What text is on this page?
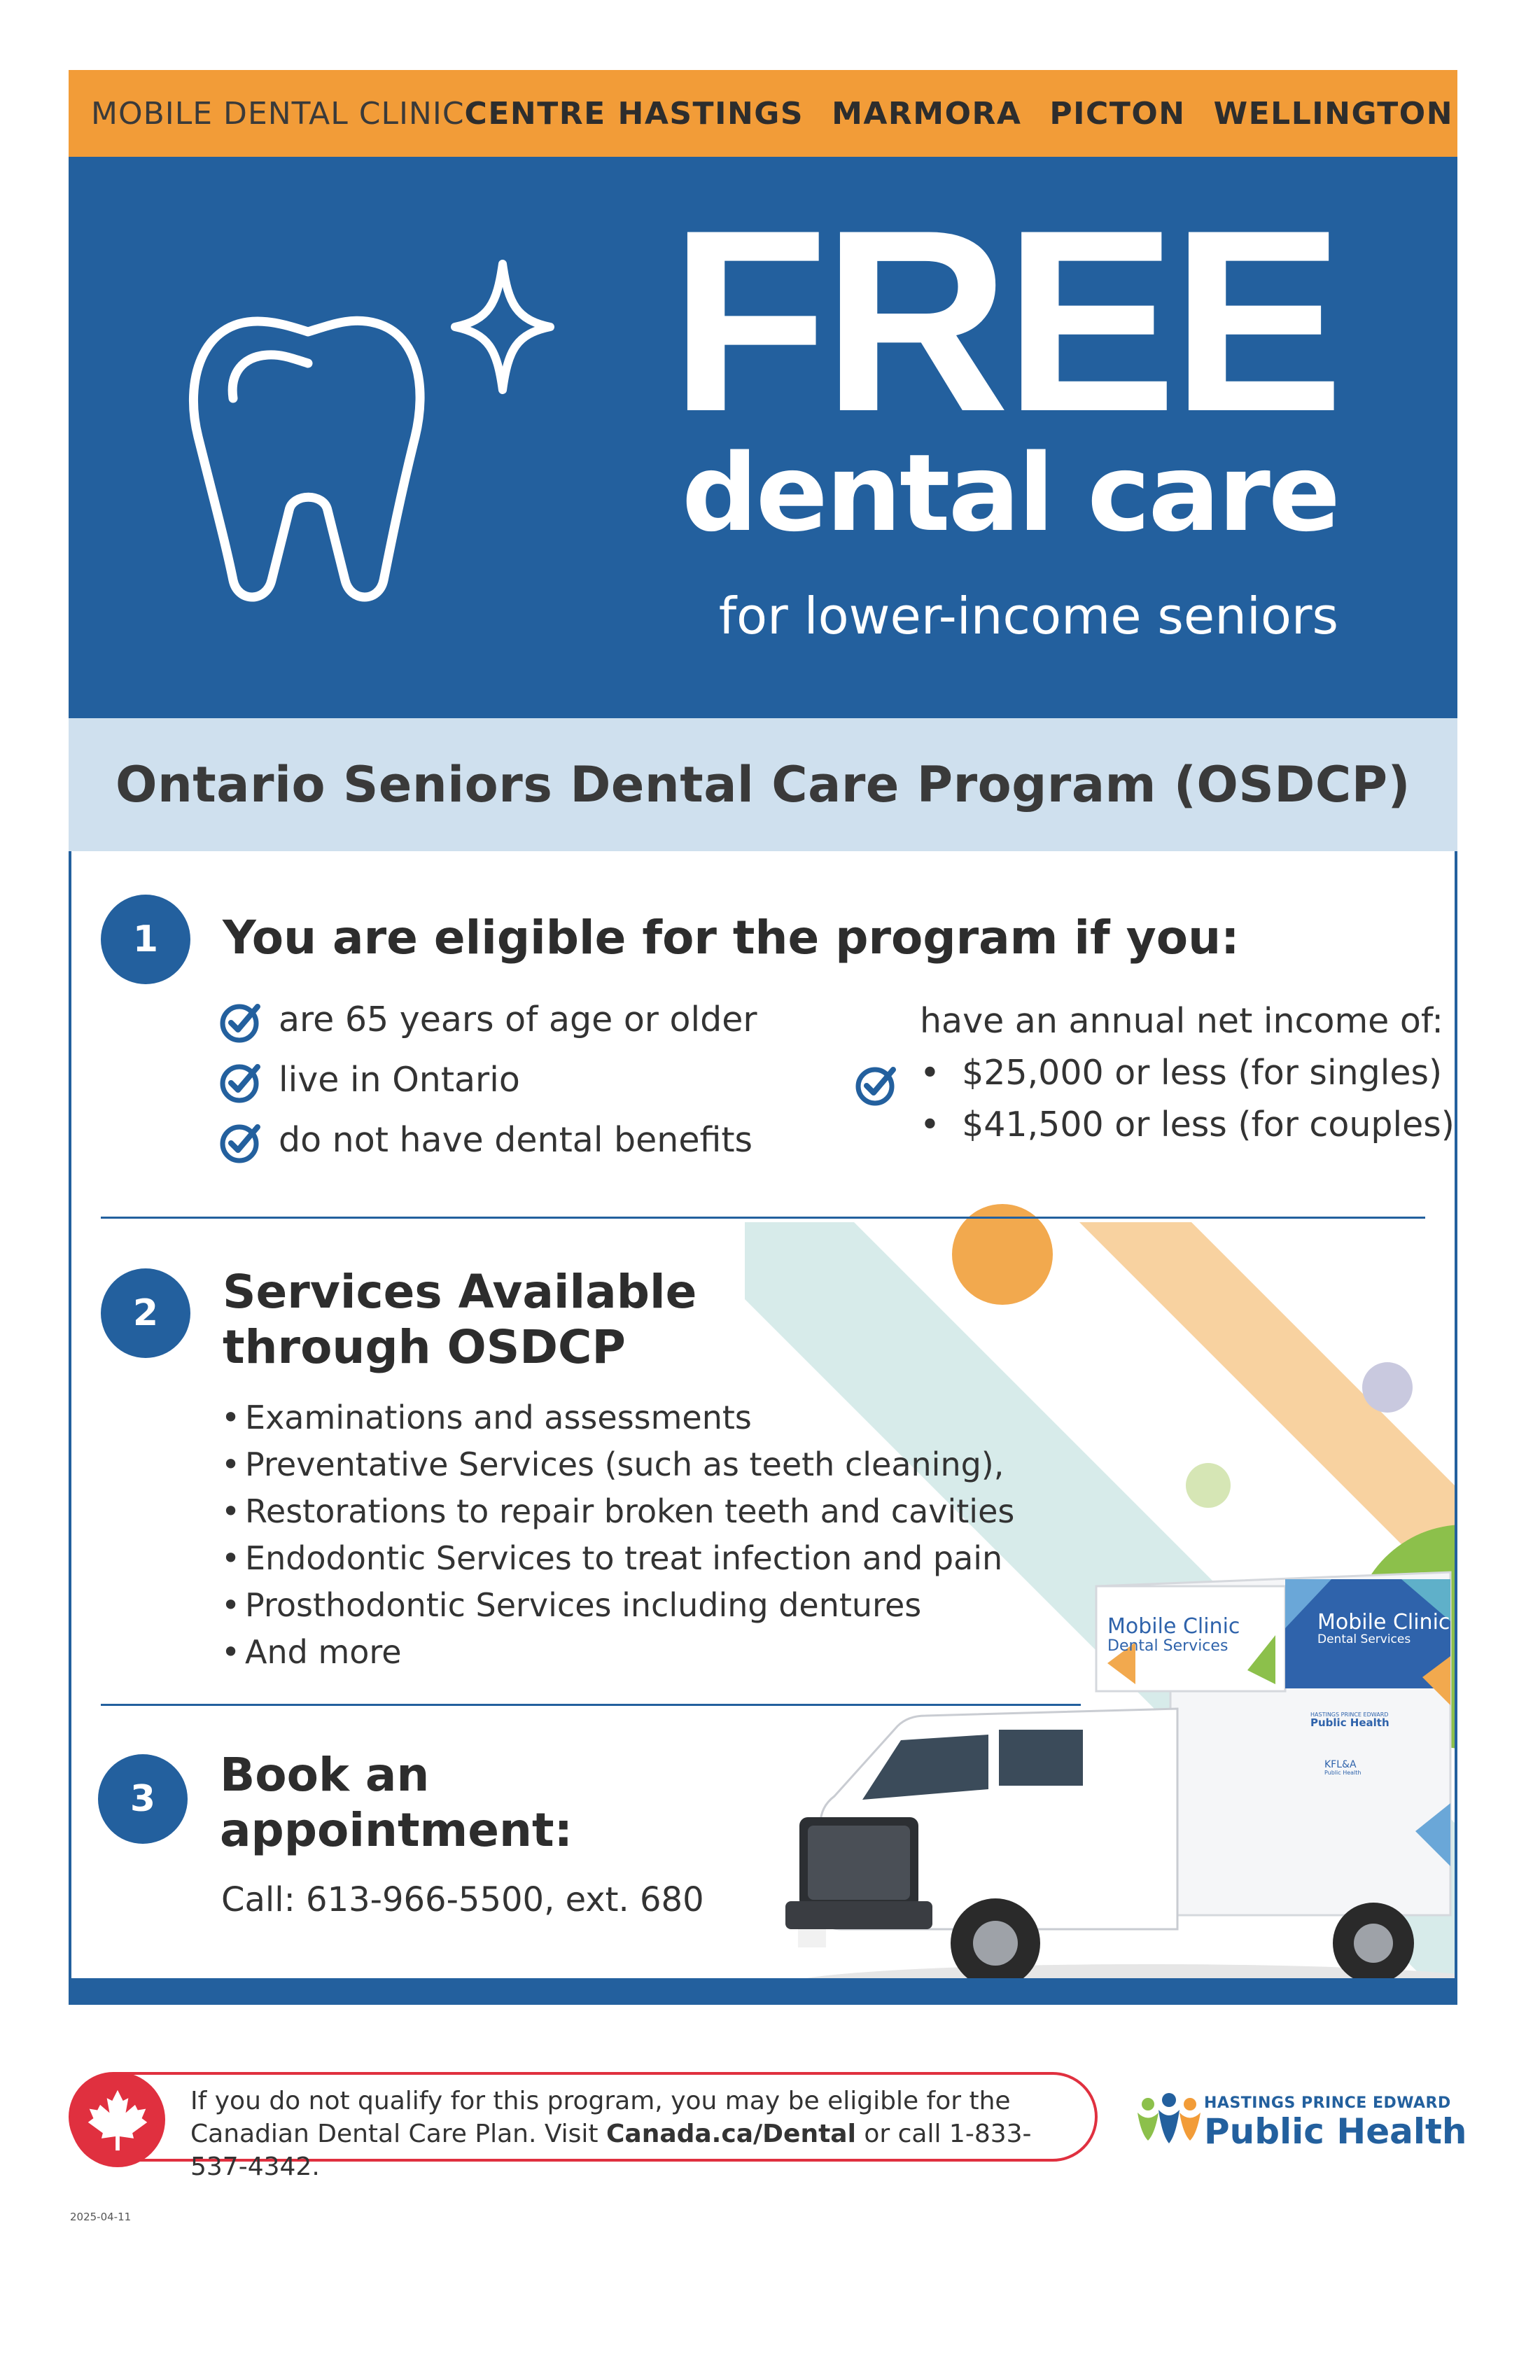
MOBILE DENTAL CLINIC CENTRE HASTINGS MARMORA PICTON WELLINGTON
FREE
dental care
for lower-income seniors
Ontario Seniors Dental Care Program (OSDCP)
1	You are eligible for the program if you:
are 65 years of age or older
live in Ontario
do not have dental benefits
have an annual net income of:
•  $25,000 or less (for singles)
•  $41,500 or less (for couples)
2	Services Available
through OSDCP
• Examinations and assessments
• Preventative Services (such as teeth cleaning),
• Restorations to repair broken teeth and cavities
• Endodontic Services to treat infection and pain
• Prosthodontic Services including dentures
• And more
3	Book an
appointment:
Call: 613-966-5500, ext. 680
Mobile Clinic
Dental Services
Mobile Clinic
Dental Services
HASTINGS PRINCE EDWARD
Public Health
KFL&A
Public Health
If you do not qualify for this program, you may be eligible for the Canadian Dental Care Plan. Visit Canada.ca/Dental or call 1-833-537-4342.
HASTINGS PRINCE EDWARD
Public Health
2025-04-11
